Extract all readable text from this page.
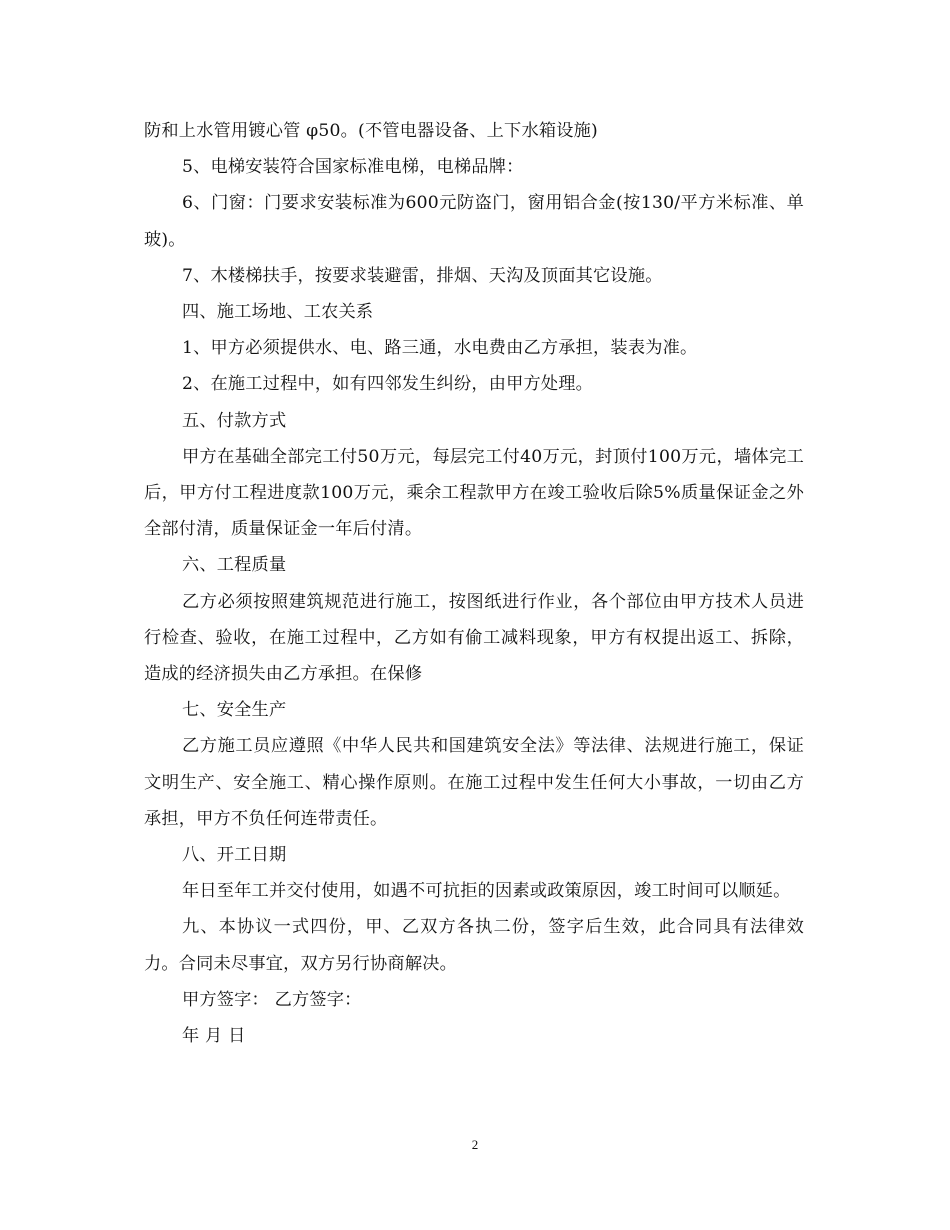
防和上水管用镀心管 φ50。(不管电器设备、上下水箱设施)

5、电梯安装符合国家标准电梯，电梯品牌：

6、门窗：门要求安装标准为600元防盗门，窗用铝合金(按130/平方米标准、单玻)。

7、木楼梯扶手，按要求装避雷，排烟、天沟及顶面其它设施。

四、施工场地、工农关系

1、甲方必须提供水、电、路三通，水电费由乙方承担，装表为准。

2、在施工过程中，如有四邻发生纠纷，由甲方处理。

五、付款方式

甲方在基础全部完工付50万元，每层完工付40万元，封顶付100万元，墙体完工后，甲方付工程进度款100万元，乘余工程款甲方在竣工验收后除5%质量保证金之外全部付清，质量保证金一年后付清。

六、工程质量

乙方必须按照建筑规范进行施工，按图纸进行作业，各个部位由甲方技术人员进行检查、验收，在施工过程中，乙方如有偷工减料现象，甲方有权提出返工、拆除，造成的经济损失由乙方承担。在保修

七、安全生产

乙方施工员应遵照《中华人民共和国建筑安全法》等法律、法规进行施工，保证文明生产、安全施工、精心操作原则。在施工过程中发生任何大小事故，一切由乙方承担，甲方不负任何连带责任。

八、开工日期

年日至年工并交付使用，如遇不可抗拒的因素或政策原因，竣工时间可以顺延。

九、本协议一式四份，甲、乙双方各执二份，签字后生效，此合同具有法律效力。合同未尽事宜，双方另行协商解决。

甲方签字： 乙方签字：

年 月 日

2
